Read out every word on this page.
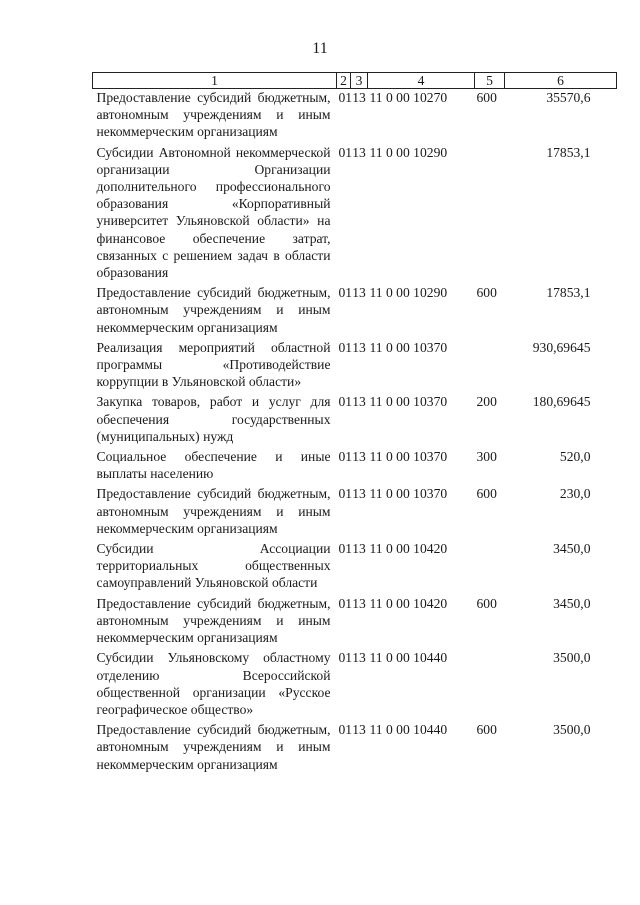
11
1	2	3	4	5	6
Предоставление субсидий бюджетным, автономным учреждениям и иным некоммерческим организациям	01	13	11 0 00 10270	600	35570,6
Субсидии Автономной некоммерческой организации Организации дополнительного профессионального образования «Корпоративный университет Ульяновской области» на финансовое обеспечение затрат, связанных с решением задач в области образования	01	13	11 0 00 10290		17853,1
Предоставление субсидий бюджетным, автономным учреждениям и иным некоммерческим организациям	01	13	11 0 00 10290	600	17853,1
Реализация мероприятий областной программы «Противодействие коррупции в Ульяновской области»	01	13	11 0 00 10370		930,69645
Закупка товаров, работ и услуг для обеспечения государственных (муниципальных) нужд	01	13	11 0 00 10370	200	180,69645
Социальное обеспечение и иные выплаты населению	01	13	11 0 00 10370	300	520,0
Предоставление субсидий бюджетным, автономным учреждениям и иным некоммерческим организациям	01	13	11 0 00 10370	600	230,0
Субсидии Ассоциации территориальных общественных самоуправлений Ульяновской области	01	13	11 0 00 10420		3450,0
Предоставление субсидий бюджетным, автономным учреждениям и иным некоммерческим организациям	01	13	11 0 00 10420	600	3450,0
Субсидии Ульяновскому областному отделению Всероссийской общественной организации «Русское географическое общество»	01	13	11 0 00 10440		3500,0
Предоставление субсидий бюджетным, автономным учреждениям и иным некоммерческим организациям	01	13	11 0 00 10440	600	3500,0
